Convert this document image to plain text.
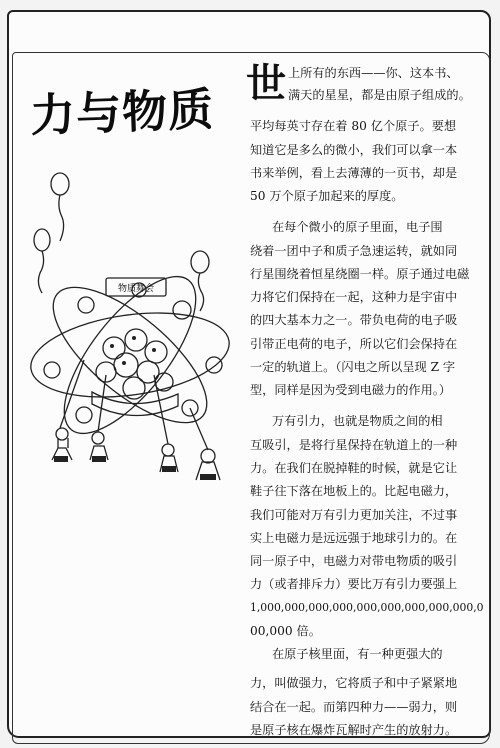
力与物质
物质舞会
世 上所有的东西——你、这本书、
满天的星星，都是由原子组成的。
平均每英寸存在着 80 亿个原子。要想
知道它是多么的微小，我们可以拿一本
书来举例，看上去薄薄的一页书，却是
50 万个原子加起来的厚度。
在每个微小的原子里面，电子围
绕着一团中子和质子急速运转，就如同
行星围绕着恒星绕圈一样。原子通过电磁
力将它们保持在一起，这种力是宇宙中
的四大基本力之一。带负电荷的电子吸
引带正电荷的电子，所以它们会保持在
一定的轨道上。（闪电之所以呈现 Z 字
型，同样是因为受到电磁力的作用。）
万有引力，也就是物质之间的相
互吸引，是将行星保持在轨道上的一种
力。在我们在脱掉鞋的时候，就是它让
鞋子往下落在地板上的。比起电磁力，
我们可能对万有引力更加关注，不过事
实上电磁力是远远强于地球引力的。在
同一原子中，电磁力对带电物质的吸引
力（或者排斥力）要比万有引力要强上
1,000,000,000,000,000,000,000,000,000,0
00,000 倍。
在原子核里面，有一种更强大的
力，叫做强力，它将质子和中子紧紧地
结合在一起。而第四种力——弱力，则
是原子核在爆炸瓦解时产生的放射力。
